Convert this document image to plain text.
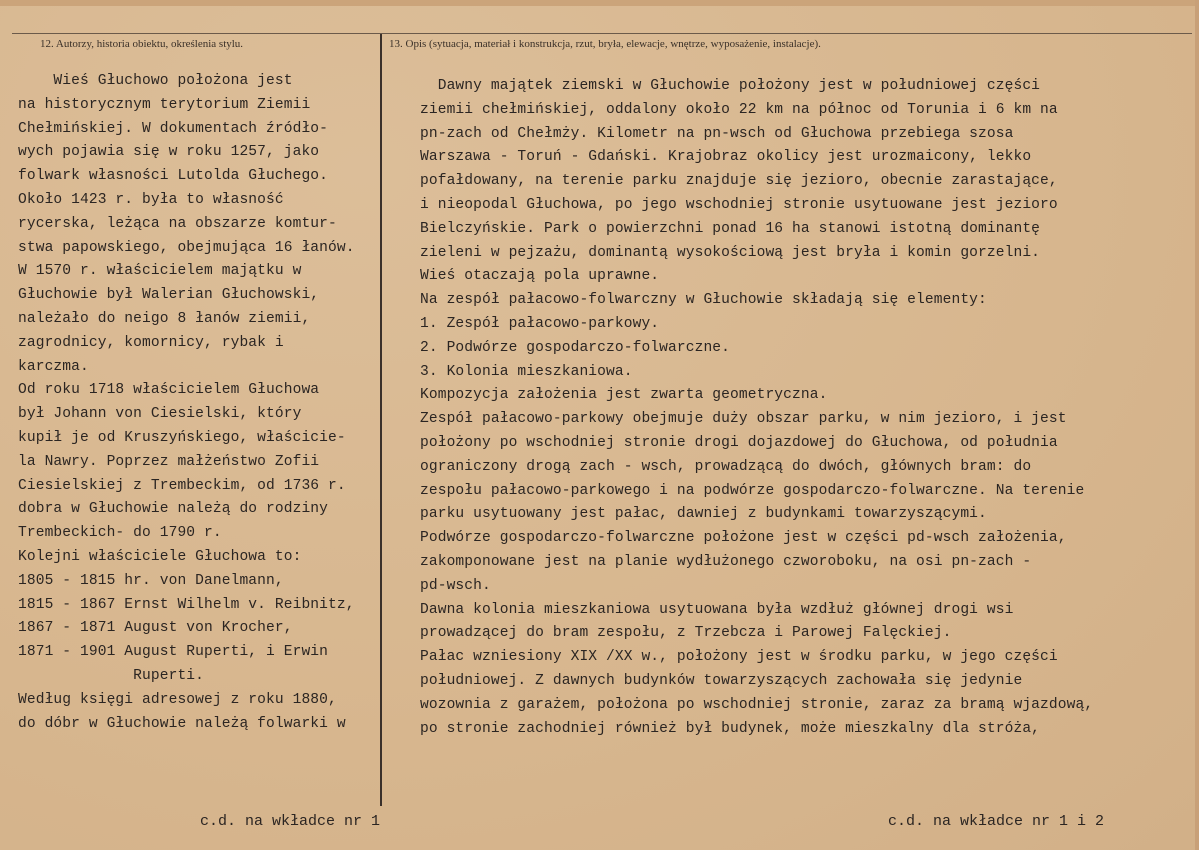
12. Autorzy, historia obiektu, określenia stylu.	13. Opis (sytuacja, materiał i konstrukcja, rzut, bryła, elewacje, wnętrze, wyposażenie, instalacje).
Wieś Głuchowo położona jest
na historycznym terytorium Ziemii
Chełmińskiej. W dokumentach źródło-
wych pojawia się w roku 1257, jako
folwark własności Lutolda Głuchego.
Około 1423 r. była to własność
rycerska, leżąca na obszarze komtur-
stwa papowskiego, obejmująca 16 łanów.
W 1570 r. właścicielem majątku w
Głuchowie był Walerian Głuchowski,
należało do neigo 8 łanów ziemii,
zagrodnicy, komornicy, rybak i
karczma.
Od roku 1718 właścicielem Głuchowa
był Johann von Ciesielski, który
kupił je od Kruszyńskiego, właściciе-
la Nawry. Poprzez małżeństwo Zofii
Ciesielskiej z Trembeckim, od 1736 r.
dobra w Głuchowie należą do rodziny
Trembeckich- do 1790 r.
Kolejni właściciele Głuchowa to:
1805 - 1815 hr. von Danelmann,
1815 - 1867 Ernst Wilhelm v. Reibnitz,
1867 - 1871 August von Krocher,
1871 - 1901 August Ruperti, i Erwin
Ruperti.
Według księgi adresowej z roku 1880,
do dóbr w Głuchowie należą folwarki w
Dawny majątek ziemski w Głuchowie położony jest w południowej części
ziemii chełmińskiej, oddalony około 22 km na północ od Torunia i 6 km na
pn-zach od Chełmży. Kilometr na pn-wsch od Głuchowa przebiega szosa
Warszawa - Toruń - Gdański. Krajobraz okolicy jest urozmaicony, lekko
pofałdowany, na terenie parku znajduje się jezioro, obecnie zarastające,
i nieopodal Głuchowa, po jego wschodniej stronie usytuowane jest jezioro
Bielczyńskie. Park o powierzchni ponad 16 ha stanowi istotną dominantę
zieleni w pejzażu, dominantą wysokościową jest bryła i komin gorzelni.
Wieś otaczają pola uprawne.
Na zespół pałacowo-folwarczny w Głuchowie składają się elementy:
1. Zespół pałacowo-parkowy.
2. Podwórze gospodarczo-folwarczne.
3. Kolonia mieszkaniowa.
Kompozycja założenia jest zwarta geometryczna.
Zespół pałacowo-parkowy obejmuje duży obszar parku, w nim jezioro, i jest
położony po wschodniej stronie drogi dojazdowej do Głuchowa, od południa
ograniczony drogą zach - wsch, prowadzącą do dwóch, głównych bram: do
zespołu pałacowo-parkowego i na podwórze gospodarczo-folwarczne. Na terenie
parku usytuowany jest pałac, dawniej z budynkami towarzyszącymi.
Podwórze gospodarczo-folwarczne położone jest w części pd-wsch założenia,
zakomponowane jest na planie wydłużonego czworoboku, na osi pn-zach -
pd-wsch.
Dawna kolonia mieszkaniowa usytuowana była wzdłuż głównej drogi wsi
prowadzącej do bram zespołu, z Trzebcza i Parowej Falęckiej.
Pałac wzniesiony XIX /XX w., położony jest w środku parku, w jego części
południowej. Z dawnych budynków towarzyszących zachowała się jedynie
wozownia z garażem, położona po wschodniej stronie, zaraz za bramą wjazdową,
po stronie zachodniej również był budynek, może mieszkalny dla stróża,
c.d. na wkładce nr 1	c.d. na wkładce nr 1 i 2
